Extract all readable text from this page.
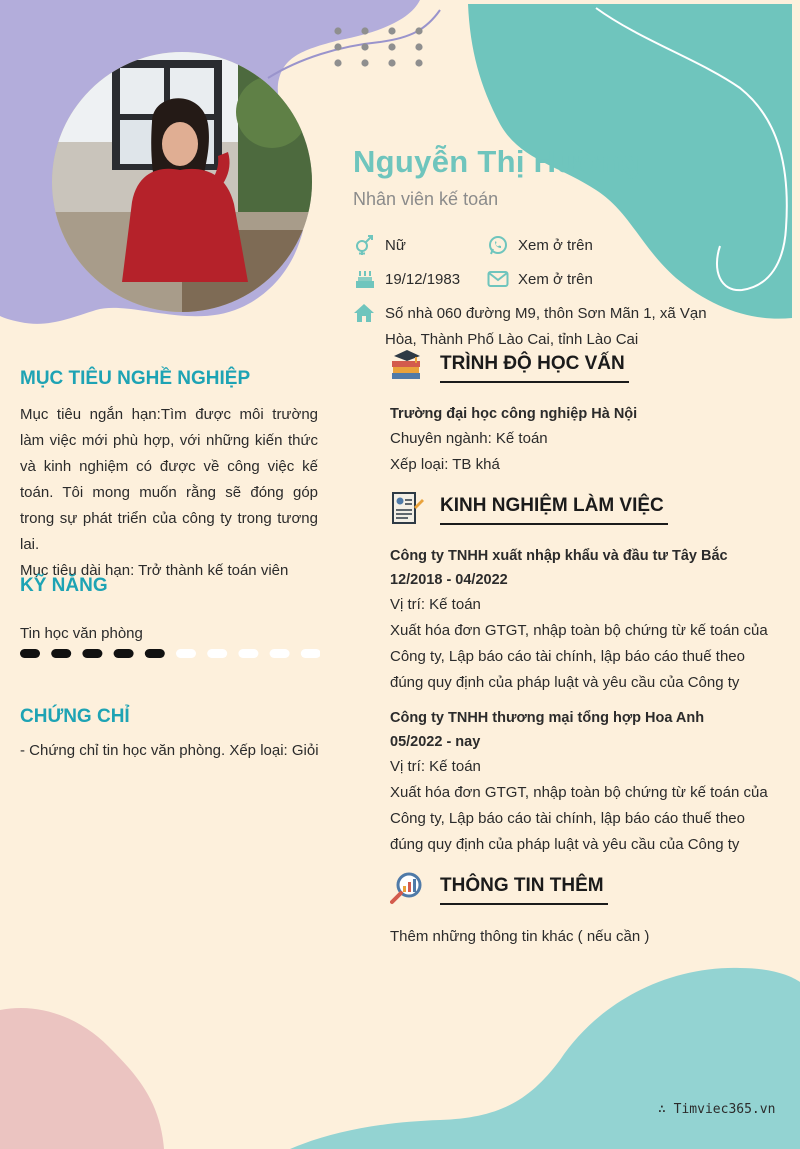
Nguyễn Thị Hướng
Nhân viên kế toán
Nữ	Xem ở trên
19/12/1983	Xem ở trên
Số nhà 060 đường M9, thôn Sơn Mãn 1, xã Vạn Hòa, Thành Phố Lào Cai, tỉnh Lào Cai
MỤC TIÊU NGHỀ NGHIỆP

Mục tiêu ngắn hạn:Tìm được môi trường làm việc mới phù hợp, với những kiến thức và kinh nghiệm có được về công việc kế toán. Tôi mong muốn rằng sẽ đóng góp trong sự phát triển của công ty trong tương lai.

Mục tiêu dài hạn: Trở thành kế toán viên

KỸ NĂNG
Tin học văn phòng
CHỨNG CHỈ
- Chứng chỉ tin học văn phòng. Xếp loại: Giỏi
TRÌNH ĐỘ HỌC VẤN
Trường đại học công nghiệp Hà Nội
Chuyên ngành: Kế toán
Xếp loại: TB khá
KINH NGHIỆM LÀM VIỆC
Công ty TNHH xuất nhập khẩu và đầu tư Tây Bắc
12/2018 - 04/2022
Vị trí: Kế toán
Xuất hóa đơn GTGT, nhập toàn bộ chứng từ kế toán của Công ty, Lập báo cáo tài chính, lập báo cáo thuế theo đúng quy định của pháp luật và yêu cầu của Công ty
Công ty TNHH thương mại tổng hợp Hoa Anh
05/2022 - nay
Vị trí: Kế toán
Xuất hóa đơn GTGT, nhập toàn bộ chứng từ kế toán của Công ty, Lập báo cáo tài chính, lập báo cáo thuế theo đúng quy định của pháp luật và yêu cầu của Công ty
THÔNG TIN THÊM
Thêm những thông tin khác ( nếu cần )
∴ Timviec365.vn
